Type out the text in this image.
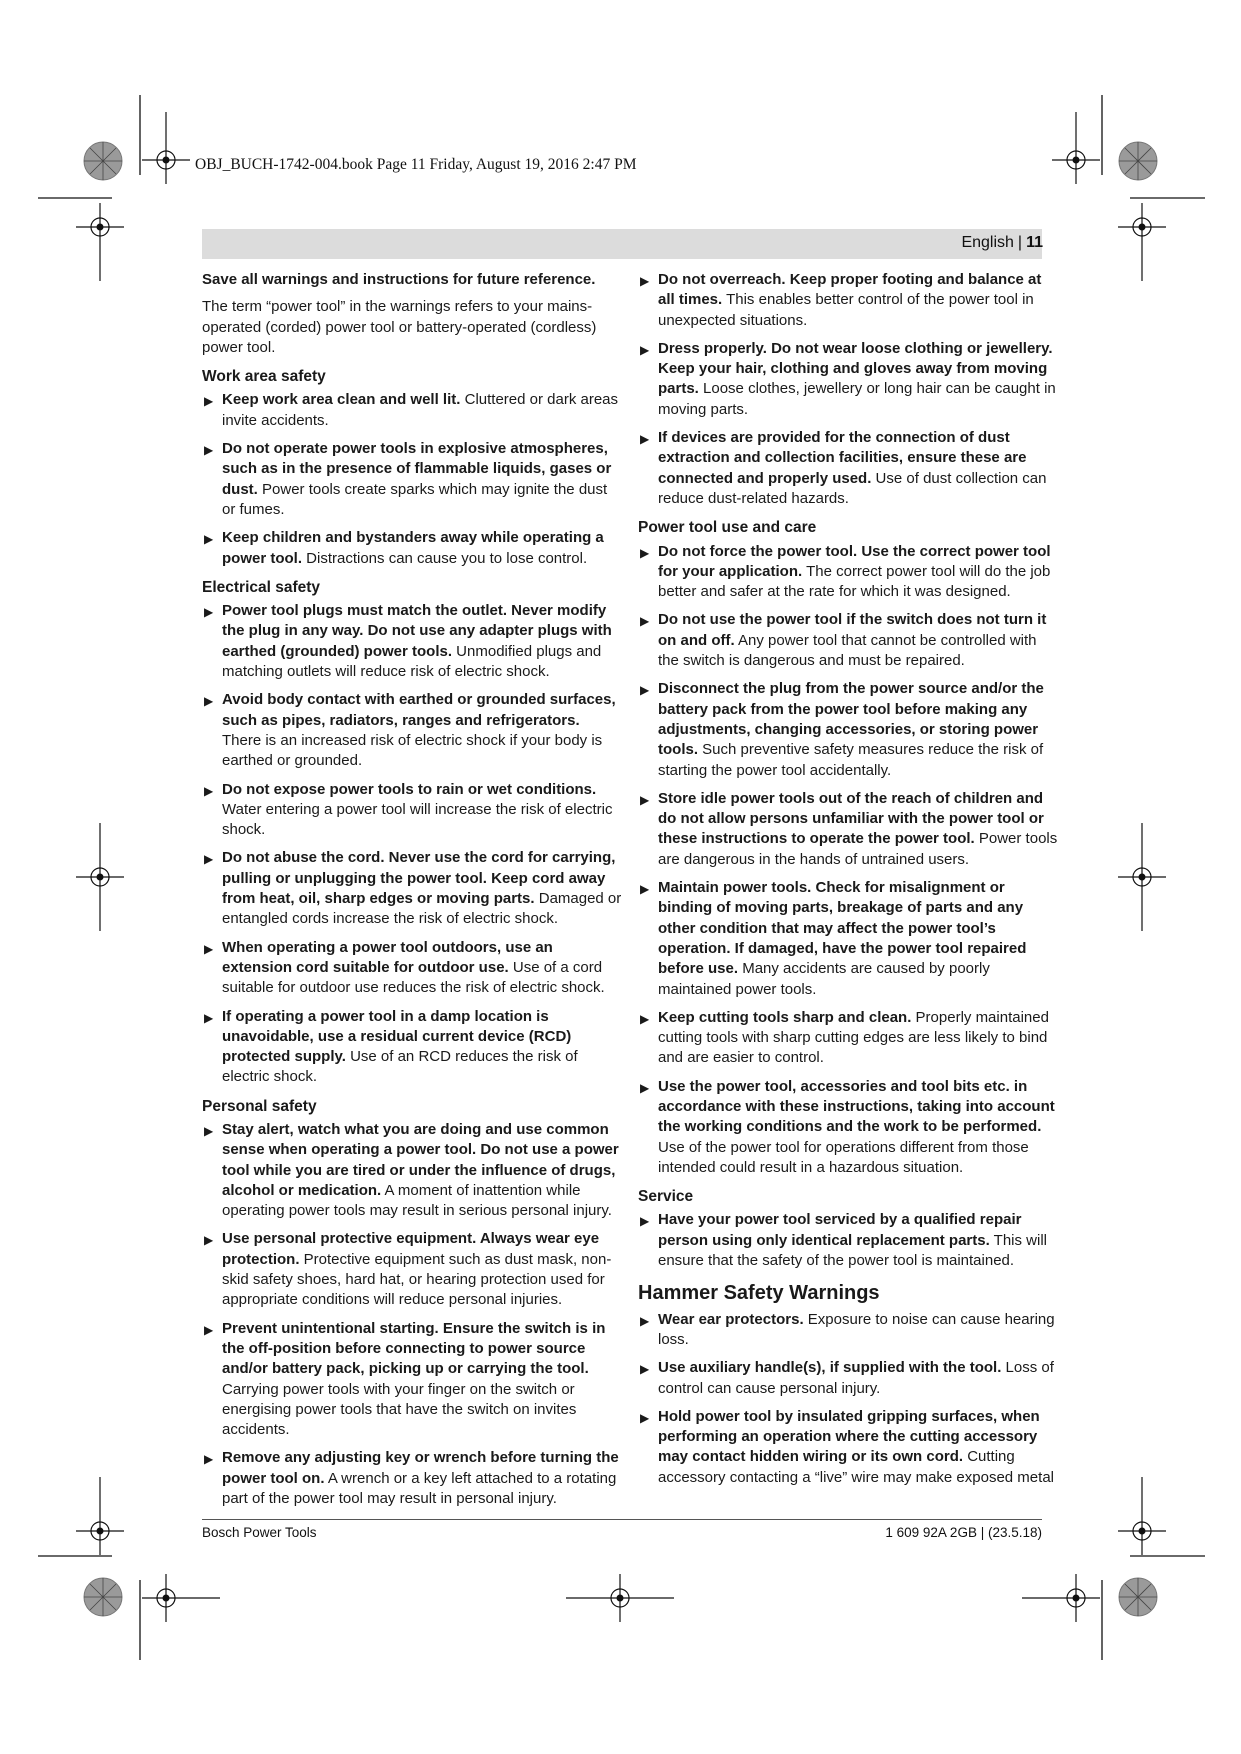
OBJ_BUCH-1742-004.book Page 11 Friday, August 19, 2016 2:47 PM
English | 11
Save all warnings and instructions for future reference.
The term “power tool” in the warnings refers to your mains-operated (corded) power tool or battery-operated (cordless) power tool.
Work area safety
▶ Keep work area clean and well lit. Cluttered or dark areas invite accidents.
▶ Do not operate power tools in explosive atmospheres, such as in the presence of flammable liquids, gases or dust. Power tools create sparks which may ignite the dust or fumes.
▶ Keep children and bystanders away while operating a power tool. Distractions can cause you to lose control.
Electrical safety
▶ Power tool plugs must match the outlet. Never modify the plug in any way. Do not use any adapter plugs with earthed (grounded) power tools. Unmodified plugs and matching outlets will reduce risk of electric shock.
▶ Avoid body contact with earthed or grounded surfaces, such as pipes, radiators, ranges and refrigerators. There is an increased risk of electric shock if your body is earthed or grounded.
▶ Do not expose power tools to rain or wet conditions. Water entering a power tool will increase the risk of electric shock.
▶ Do not abuse the cord. Never use the cord for carrying, pulling or unplugging the power tool. Keep cord away from heat, oil, sharp edges or moving parts. Damaged or entangled cords increase the risk of electric shock.
▶ When operating a power tool outdoors, use an extension cord suitable for outdoor use. Use of a cord suitable for outdoor use reduces the risk of electric shock.
▶ If operating a power tool in a damp location is unavoidable, use a residual current device (RCD) protected supply. Use of an RCD reduces the risk of electric shock.
Personal safety
▶ Stay alert, watch what you are doing and use common sense when operating a power tool. Do not use a power tool while you are tired or under the influence of drugs, alcohol or medication. A moment of inattention while operating power tools may result in serious personal injury.
▶ Use personal protective equipment. Always wear eye protection. Protective equipment such as dust mask, non-skid safety shoes, hard hat, or hearing protection used for appropriate conditions will reduce personal injuries.
▶ Prevent unintentional starting. Ensure the switch is in the off-position before connecting to power source and/or battery pack, picking up or carrying the tool. Carrying power tools with your finger on the switch or energising power tools that have the switch on invites accidents.
▶ Remove any adjusting key or wrench before turning the power tool on. A wrench or a key left attached to a rotating part of the power tool may result in personal injury.
▶ Do not overreach. Keep proper footing and balance at all times. This enables better control of the power tool in unexpected situations.
▶ Dress properly. Do not wear loose clothing or jewellery. Keep your hair, clothing and gloves away from moving parts. Loose clothes, jewellery or long hair can be caught in moving parts.
▶ If devices are provided for the connection of dust extraction and collection facilities, ensure these are connected and properly used. Use of dust collection can reduce dust-related hazards.
Power tool use and care
▶ Do not force the power tool. Use the correct power tool for your application. The correct power tool will do the job better and safer at the rate for which it was designed.
▶ Do not use the power tool if the switch does not turn it on and off. Any power tool that cannot be controlled with the switch is dangerous and must be repaired.
▶ Disconnect the plug from the power source and/or the battery pack from the power tool before making any adjustments, changing accessories, or storing power tools. Such preventive safety measures reduce the risk of starting the power tool accidentally.
▶ Store idle power tools out of the reach of children and do not allow persons unfamiliar with the power tool or these instructions to operate the power tool. Power tools are dangerous in the hands of untrained users.
▶ Maintain power tools. Check for misalignment or binding of moving parts, breakage of parts and any other condition that may affect the power tool’s operation. If damaged, have the power tool repaired before use. Many accidents are caused by poorly maintained power tools.
▶ Keep cutting tools sharp and clean. Properly maintained cutting tools with sharp cutting edges are less likely to bind and are easier to control.
▶ Use the power tool, accessories and tool bits etc. in accordance with these instructions, taking into account the working conditions and the work to be performed. Use of the power tool for operations different from those intended could result in a hazardous situation.
Service
▶ Have your power tool serviced by a qualified repair person using only identical replacement parts. This will ensure that the safety of the power tool is maintained.
Hammer Safety Warnings
▶ Wear ear protectors. Exposure to noise can cause hearing loss.
▶ Use auxiliary handle(s), if supplied with the tool. Loss of control can cause personal injury.
▶ Hold power tool by insulated gripping surfaces, when performing an operation where the cutting accessory may contact hidden wiring or its own cord. Cutting accessory contacting a “live” wire may make exposed metal
Bosch Power Tools	1 609 92A 2GB | (23.5.18)
